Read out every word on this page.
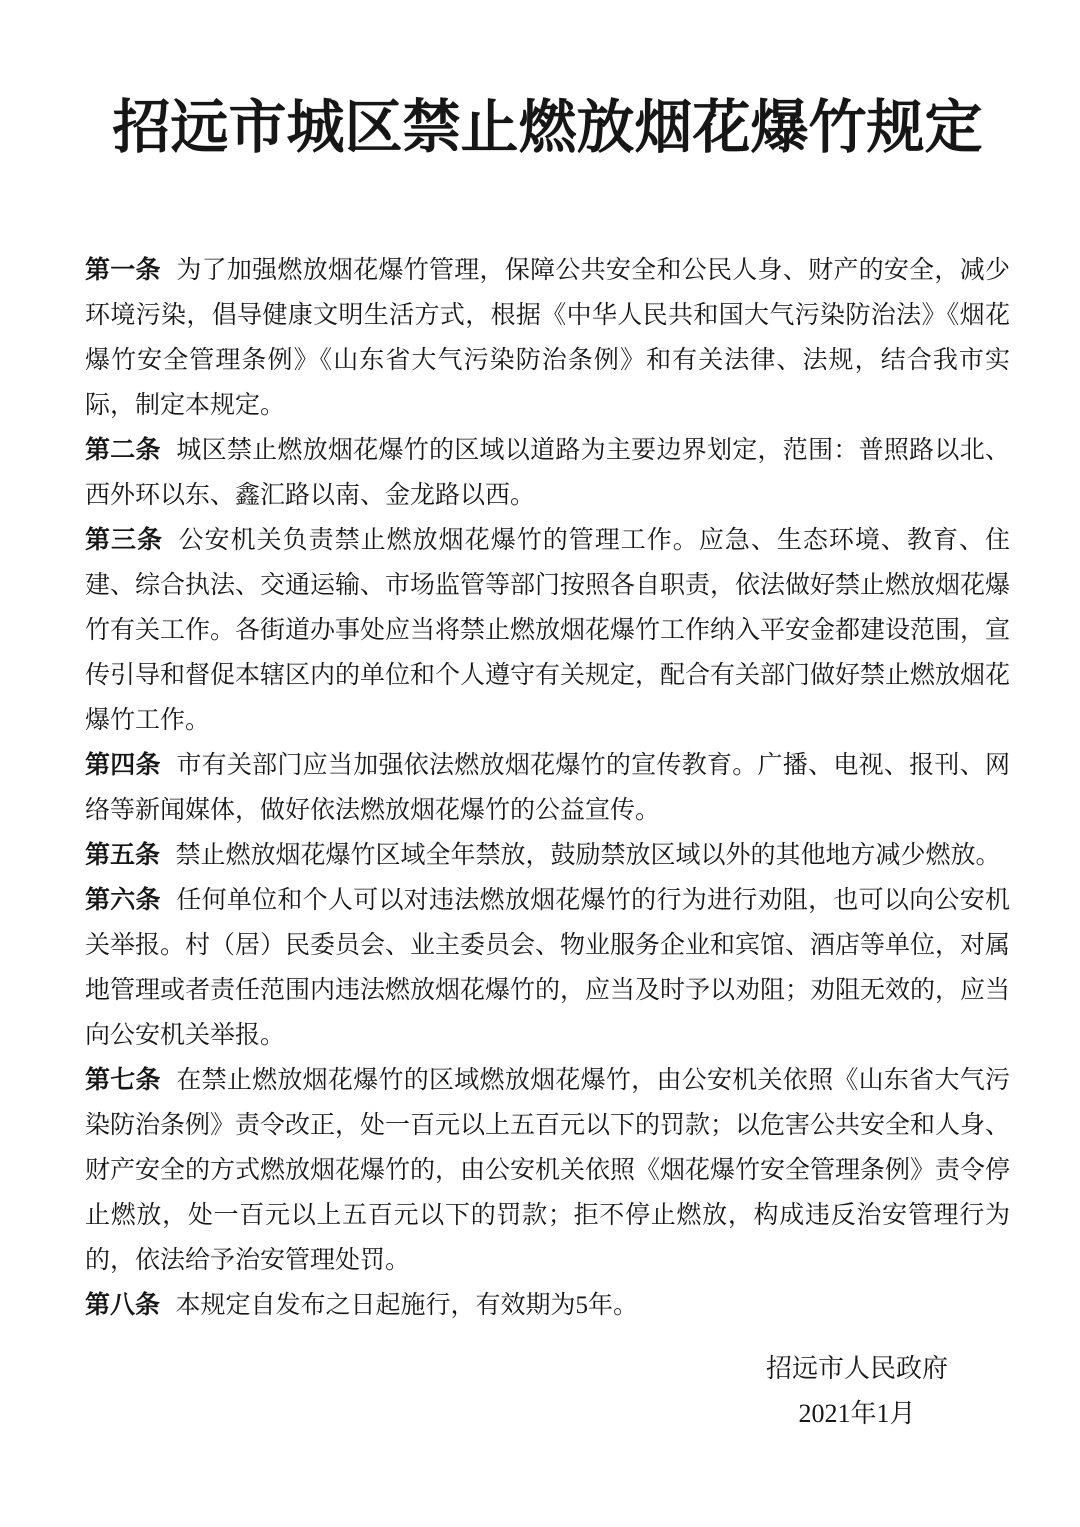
招远市城区禁止燃放烟花爆竹规定

第一条 为了加强燃放烟花爆竹管理，保障公共安全和公民人身、财产的安全，减少环境污染，倡导健康文明生活方式，根据《中华人民共和国大气污染防治法》《烟花爆竹安全管理条例》《山东省大气污染防治条例》和有关法律、法规，结合我市实际，制定本规定。

第二条 城区禁止燃放烟花爆竹的区域以道路为主要边界划定，范围：普照路以北、西外环以东、鑫汇路以南、金龙路以西。

第三条 公安机关负责禁止燃放烟花爆竹的管理工作。应急、生态环境、教育、住建、综合执法、交通运输、市场监管等部门按照各自职责，依法做好禁止燃放烟花爆竹有关工作。各街道办事处应当将禁止燃放烟花爆竹工作纳入平安金都建设范围，宣传引导和督促本辖区内的单位和个人遵守有关规定，配合有关部门做好禁止燃放烟花爆竹工作。

第四条 市有关部门应当加强依法燃放烟花爆竹的宣传教育。广播、电视、报刊、网络等新闻媒体，做好依法燃放烟花爆竹的公益宣传。

第五条 禁止燃放烟花爆竹区域全年禁放，鼓励禁放区域以外的其他地方减少燃放。

第六条 任何单位和个人可以对违法燃放烟花爆竹的行为进行劝阻，也可以向公安机关举报。村（居）民委员会、业主委员会、物业服务企业和宾馆、酒店等单位，对属地管理或者责任范围内违法燃放烟花爆竹的，应当及时予以劝阻；劝阻无效的，应当向公安机关举报。

第七条 在禁止燃放烟花爆竹的区域燃放烟花爆竹，由公安机关依照《山东省大气污染防治条例》责令改正，处一百元以上五百元以下的罚款；以危害公共安全和人身、财产安全的方式燃放烟花爆竹的，由公安机关依照《烟花爆竹安全管理条例》责令停止燃放，处一百元以上五百元以下的罚款；拒不停止燃放，构成违反治安管理行为的，依法给予治安管理处罚。

第八条 本规定自发布之日起施行，有效期为5年。

招远市人民政府
2021年1月
